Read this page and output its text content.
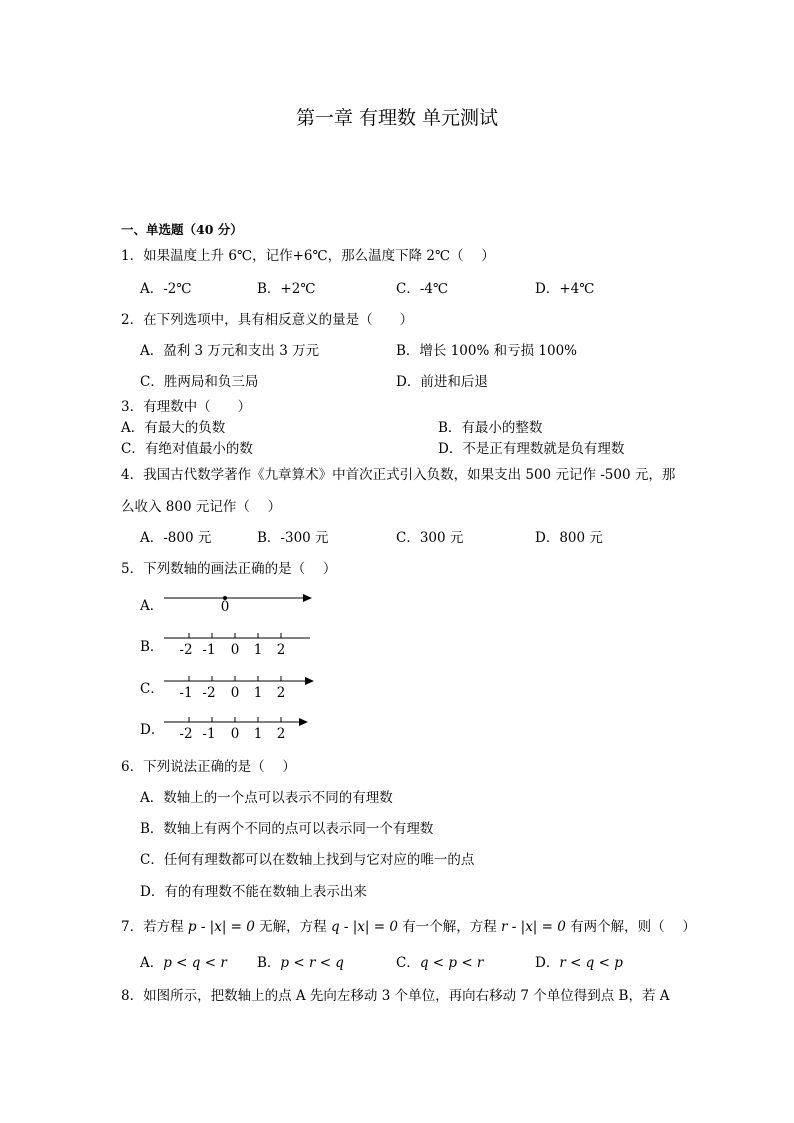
第一章 有理数 单元测试
一、单选题（40 分）
1．如果温度上升 6℃，记作+6℃，那么温度下降 2℃（　 ）
A．-2℃	B．+2℃	C．-4℃	D．+4℃
2．在下列选项中，具有相反意义的量是（　　）
A．盈利 3 万元和支出 3 万元	B．增长 100% 和亏损 100%
C．胜两局和负三局	D．前进和后退
3．有理数中（　　）
A．有最大的负数	B．有最小的整数
C．有绝对值最小的数	D．不是正有理数就是负有理数
4．我国古代数学著作《九章算术》中首次正式引入负数，如果支出 500 元记作 -500 元，那
么收入 800 元记作（　 ）
A．-800 元	B．-300 元	C．300 元	D．800 元
5．下列数轴的画法正确的是（　 ）
A．	0
B． -2 -1 0 1 2
C． -1 -2 0 1 2
D． -2 -1 0 1 2
6．下列说法正确的是（　 ）
A．数轴上的一个点可以表示不同的有理数
B．数轴上有两个不同的点可以表示同一个有理数
C．任何有理数都可以在数轴上找到与它对应的唯一的点
D．有的有理数不能在数轴上表示出来
7．若方程 p - |x| = 0 无解，方程 q - |x| = 0 有一个解，方程 r - |x| = 0 有两个解，则（　 ）
A．p < q < r B．p < r < q	C．q < p < r	D．r < q < p
8．如图所示，把数轴上的点 A 先向左移动 3 个单位，再向右移动 7 个单位得到点 B，若 A
